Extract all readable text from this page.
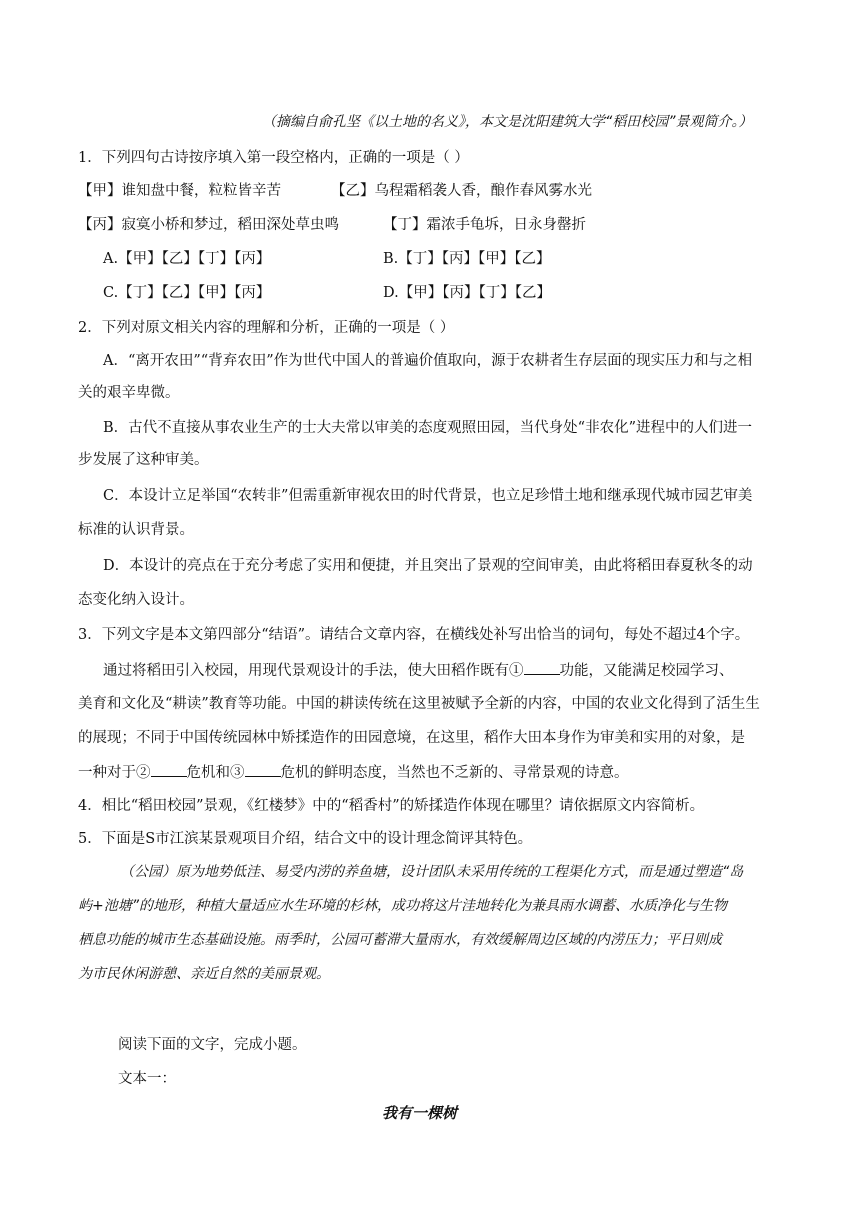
（摘编自俞孔坚《以土地的名义》，本文是沈阳建筑大学“稻田校园”景观简介。）
1．下列四句古诗按序填入第一段空格内，正确的一项是（ ）
【甲】谁知盘中餐，粒粒皆辛苦	【乙】乌程霜稻袭人香，酿作春风雾水光
【丙】寂寞小桥和梦过，稻田深处草虫鸣	【丁】霜浓手龟坼，日永身罄折
A.【甲】【乙】【丁】【丙】	B.【丁】【丙】【甲】【乙】
C.【丁】【乙】【甲】【丙】	D.【甲】【丙】【丁】【乙】
2．下列对原文相关内容的理解和分析，正确的一项是（ ）
A．“离开农田”“背弃农田”作为世代中国人的普遍价值取向，源于农耕者生存层面的现实压力和与之相
关的艰辛卑微。
B．古代不直接从事农业生产的士大夫常以审美的态度观照田园，当代身处“非农化”进程中的人们进一
步发展了这种审美。
C．本设计立足举国“农转非”但需重新审视农田的时代背景，也立足珍惜土地和继承现代城市园艺审美
标准的认识背景。
D．本设计的亮点在于充分考虑了实用和便捷，并且突出了景观的空间审美，由此将稻田春夏秋冬的动
态变化纳入设计。
3．下列文字是本文第四部分“结语”。请结合文章内容，在横线处补写出恰当的词句，每处不超过4个字。
通过将稻田引入校园，用现代景观设计的手法，使大田稻作既有① 功能，又能满足校园学习、
美育和文化及“耕读”教育等功能。中国的耕读传统在这里被赋予全新的内容，中国的农业文化得到了活生生
的展现；不同于中国传统园林中矫揉造作的田园意境，在这里，稻作大田本身作为审美和实用的对象，是
一种对于② 危机和③ 危机的鲜明态度，当然也不乏新的、寻常景观的诗意。
4．相比“稻田校园”景观，《红楼梦》中的“稻香村”的矫揉造作体现在哪里？请依据原文内容简析。
5．下面是S市江滨某景观项目介绍，结合文中的设计理念简评其特色。
（公园）原为地势低洼、易受内涝的养鱼塘，设计团队未采用传统的工程渠化方式，而是通过塑造“岛
屿+池塘”的地形，种植大量适应水生环境的杉林，成功将这片洼地转化为兼具雨水调蓄、水质净化与生物
栖息功能的城市生态基础设施。雨季时，公园可蓄滞大量雨水，有效缓解周边区域的内涝压力；平日则成
为市民休闲游憩、亲近自然的美丽景观。
阅读下面的文字，完成小题。
文本一：
我有一棵树
